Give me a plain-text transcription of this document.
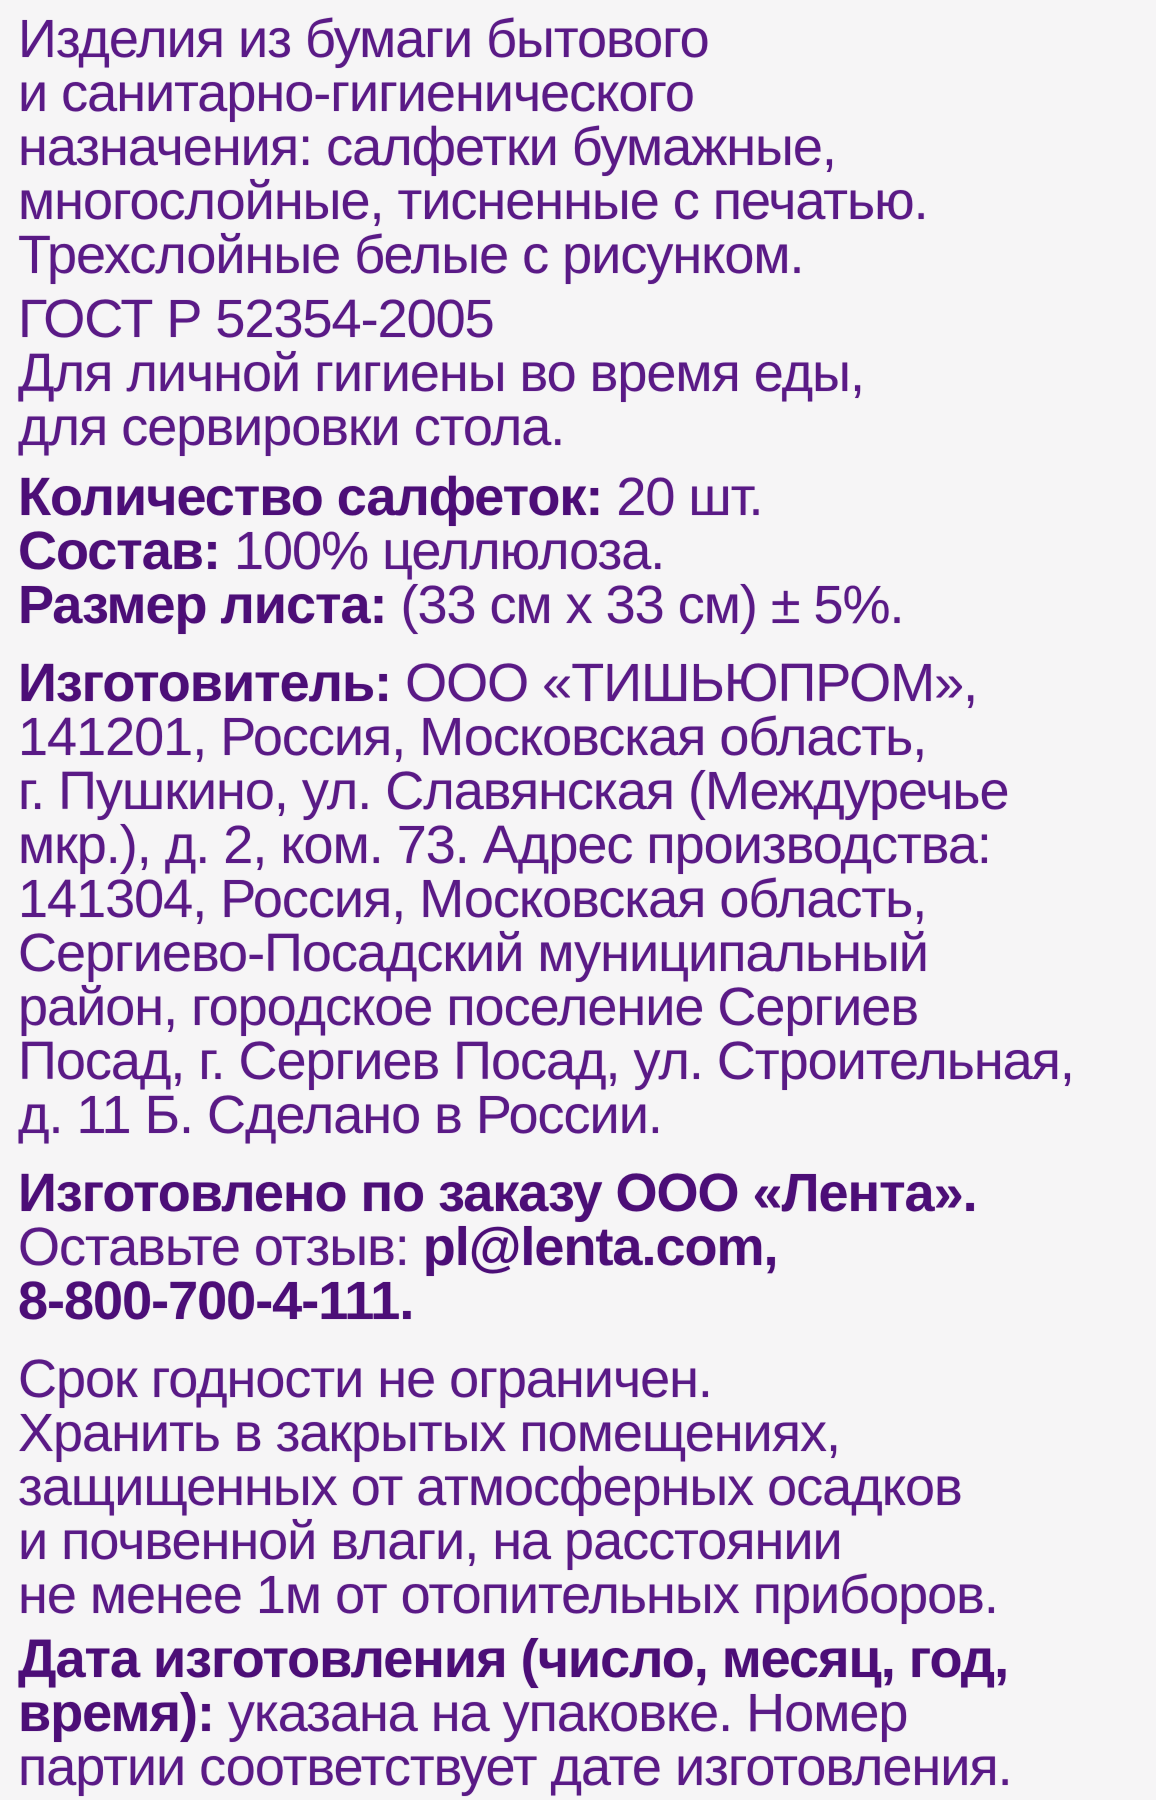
Изделия из бумаги бытового
и санитарно-гигиенического
назначения: салфетки бумажные,
многослойные, тисненные с печатью.
Трехслойные белые с рисунком.
ГОСТ Р 52354-2005
Для личной гигиены во время еды,
для сервировки стола.
Количество салфеток: 20 шт.
Состав: 100% целлюлоза.
Размер листа: (33 см х 33 см) ± 5%.
Изготовитель: ООО «ТИШЬЮПРОМ»,
141201, Россия, Московская область,
г. Пушкино, ул. Славянская (Междуречье
мкр.), д. 2, ком. 73. Адрес производства:
141304, Россия, Московская область,
Сергиево-Посадский муниципальный
район, городское поселение Сергиев
Посад, г. Сергиев Посад, ул. Строительная,
д. 11 Б. Сделано в России.
Изготовлено по заказу ООО «Лента».
Оставьте отзыв: pl@lenta.com,
8-800-700-4-111.
Срок годности не ограничен.
Хранить в закрытых помещениях,
защищенных от атмосферных осадков
и почвенной влаги, на расстоянии
не менее 1м от отопительных приборов.
Дата изготовления (число, месяц, год,
время): указана на упаковке. Номер
партии соответствует дате изготовления.
